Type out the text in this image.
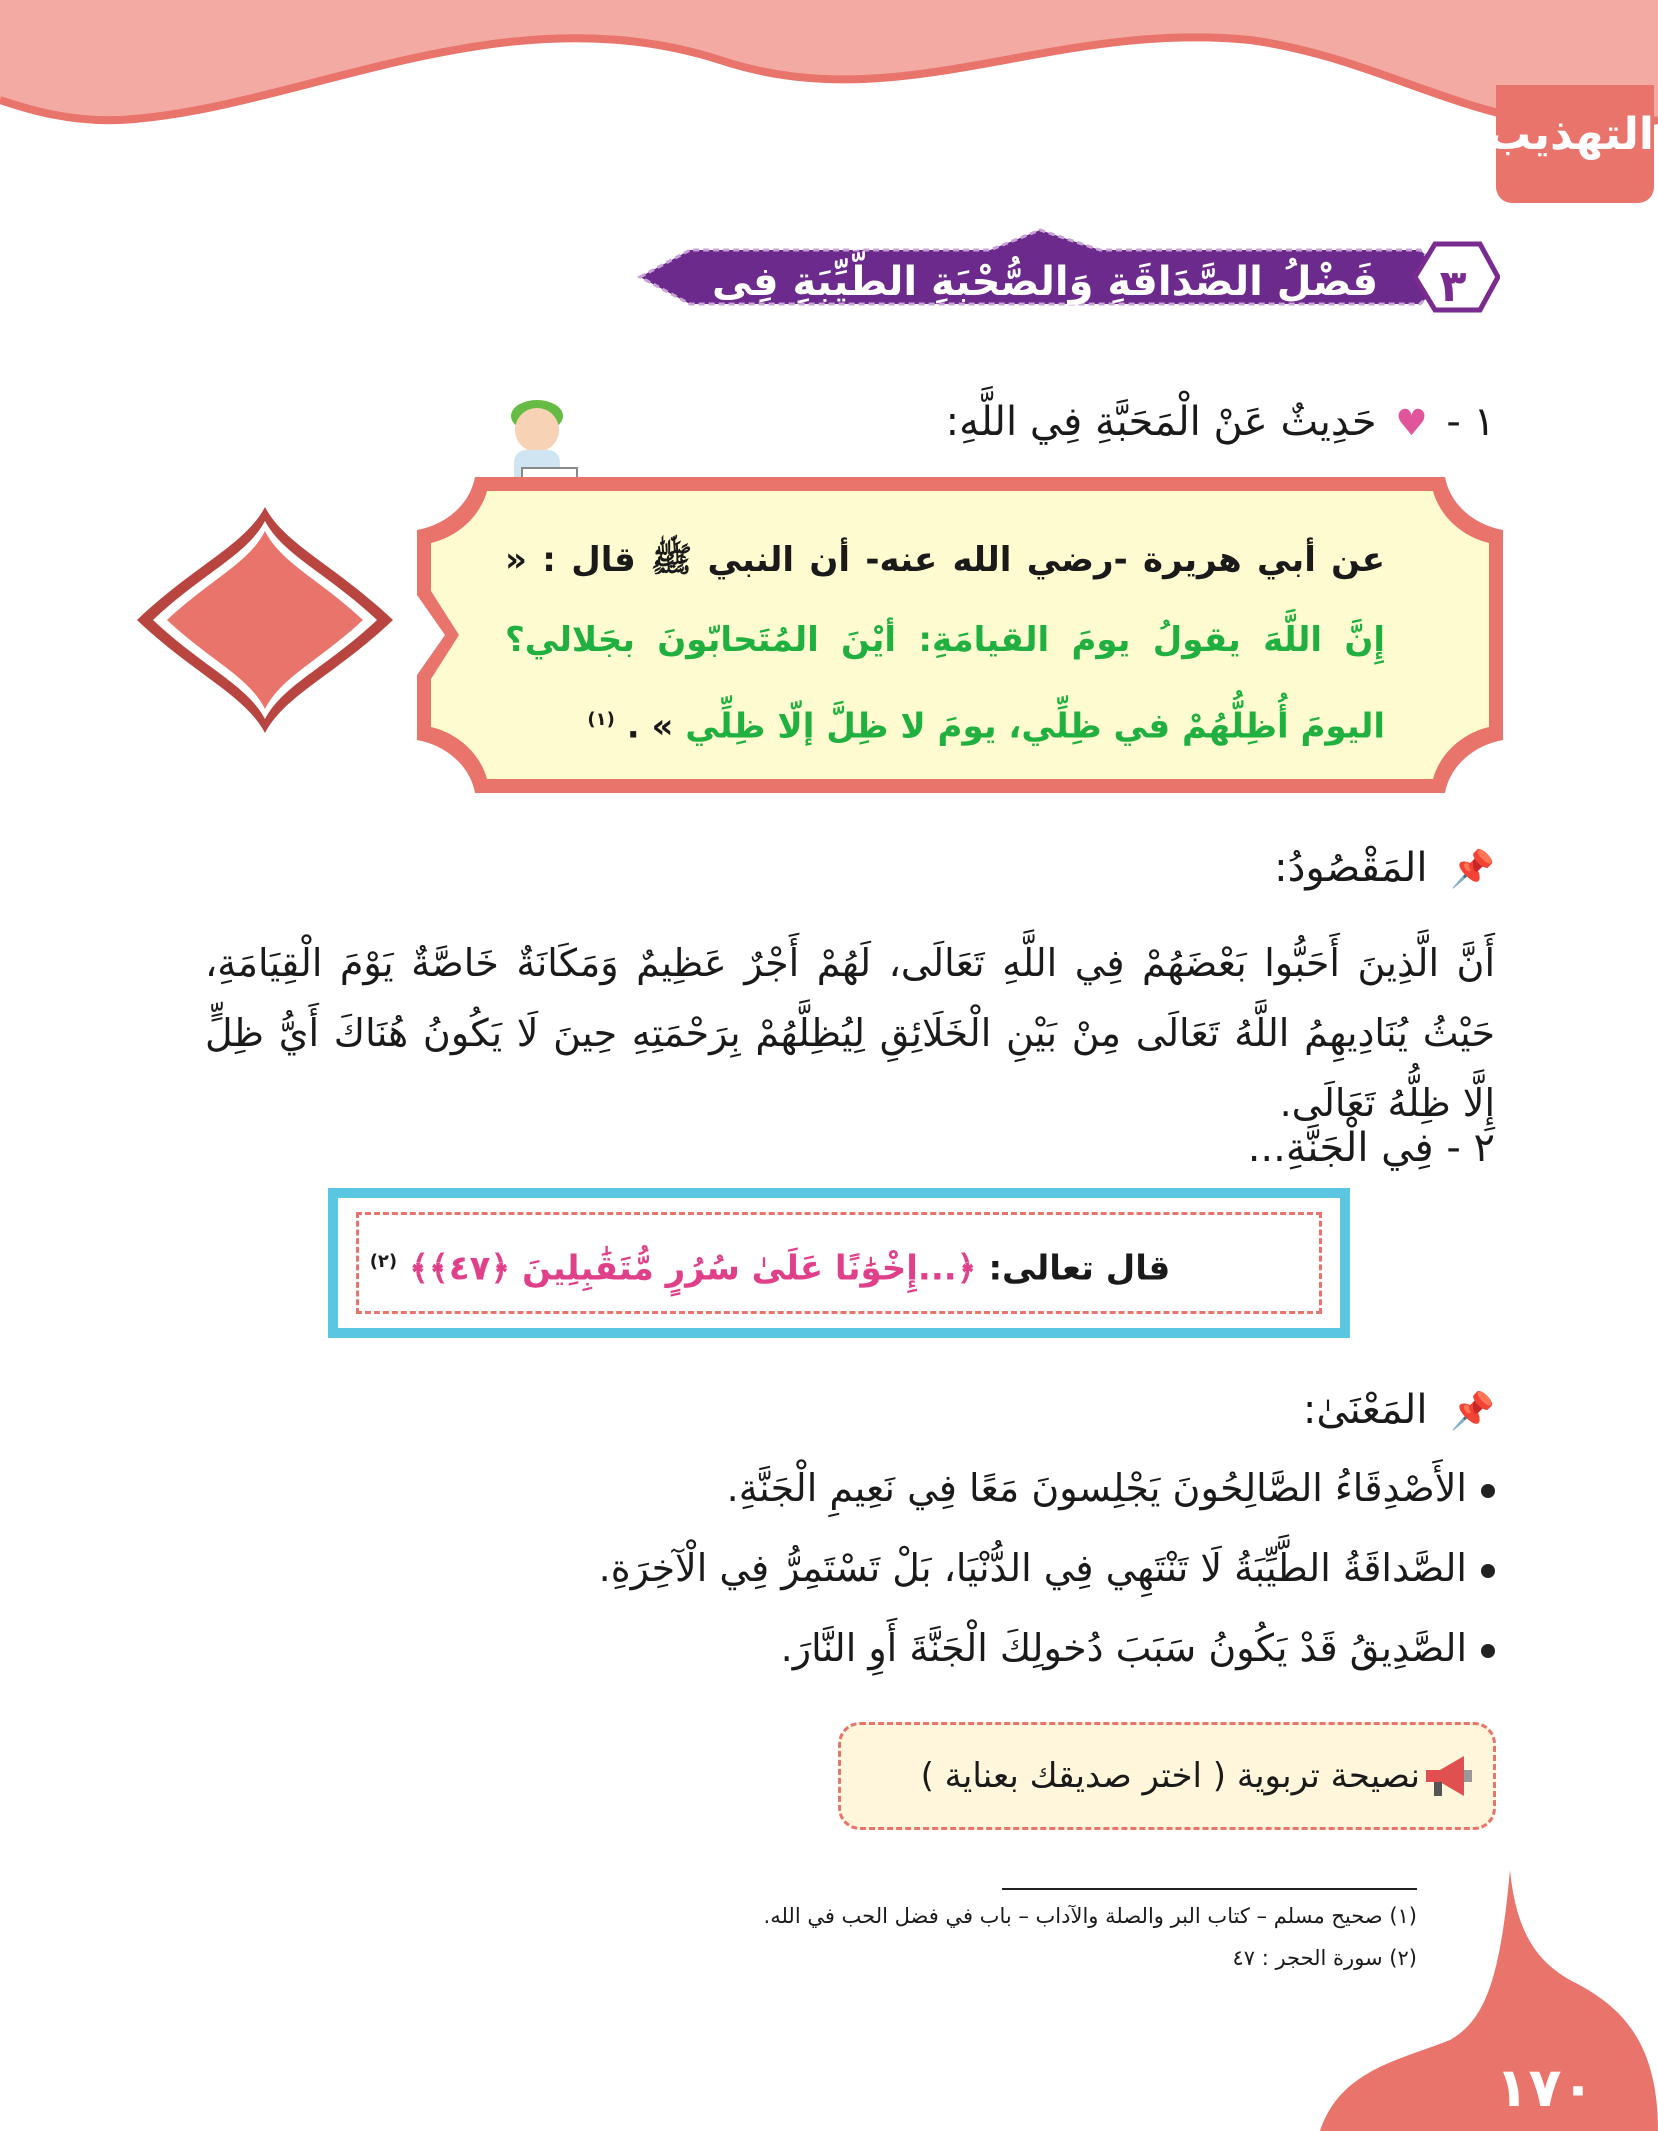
التهذيب
فَضْلُ الصَّدَاقَةِ وَالصُّحْبَةِ الطَّيِّبَةِ فِى الْآخِرَةِ
٣
١ - ♥ حَدِيثٌ عَنْ الْمَحَبَّةِ فِي اللَّهِ:
عن أبي هريرة -رضي الله عنه- أن النبي ﷺ قال : « إِنَّ اللَّهَ يقولُ يومَ القيامَةِ: أيْنَ المُتَحابّونَ بجَلالي؟ اليومَ أُظِلُّهُمْ في ظِلِّي، يومَ لا ظِلَّ إلّا ظِلِّي » . $^{(١)}$
📌 المَقْصُودُ:
أَنَّ الَّذِينَ أَحَبُّوا بَعْضَهُمْ فِي اللَّهِ تَعَالَى، لَهُمْ أَجْرٌ عَظِيمٌ وَمَكَانَةٌ خَاصَّةٌ يَوْمَ الْقِيَامَةِ، حَيْثُ يُنَادِيهِمُ اللَّهُ تَعَالَى مِنْ بَيْنِ الْخَلَائِقِ لِيُظِلَّهُمْ بِرَحْمَتِهِ حِينَ لَا يَكُونُ هُنَاكَ أَيُّ ظِلٍّ إِلَّا ظِلُّهُ تَعَالَى.
٢ - فِي الْجَنَّةِ...
قال تعالى: ﴿...إِخْوَٰنًا عَلَىٰ سُرُرٍ مُّتَقَٰبِلِينَ ﴿٤٧﴾﴾ $^{(٢)}$
📌 المَعْنَىٰ:
الأَصْدِقَاءُ الصَّالِحُونَ يَجْلِسونَ مَعًا فِي نَعِيمِ الْجَنَّةِ.
الصَّداقَةُ الطَّيِّبَةُ لَا تَنْتَهِي فِي الدُّنْيَا، بَلْ تَسْتَمِرُّ فِي الْآخِرَةِ.
الصَّدِيقُ قَدْ يَكُونُ سَبَبَ دُخولِكَ الْجَنَّةَ أَوِ النَّارَ.
نصيحة تربوية ( اختر صديقك بعناية )
(١) صحيح مسلم – كتاب البر والصلة والآداب – باب في فضل الحب في الله.
(٢) سورة الحجر : ٤٧
١٧٠
